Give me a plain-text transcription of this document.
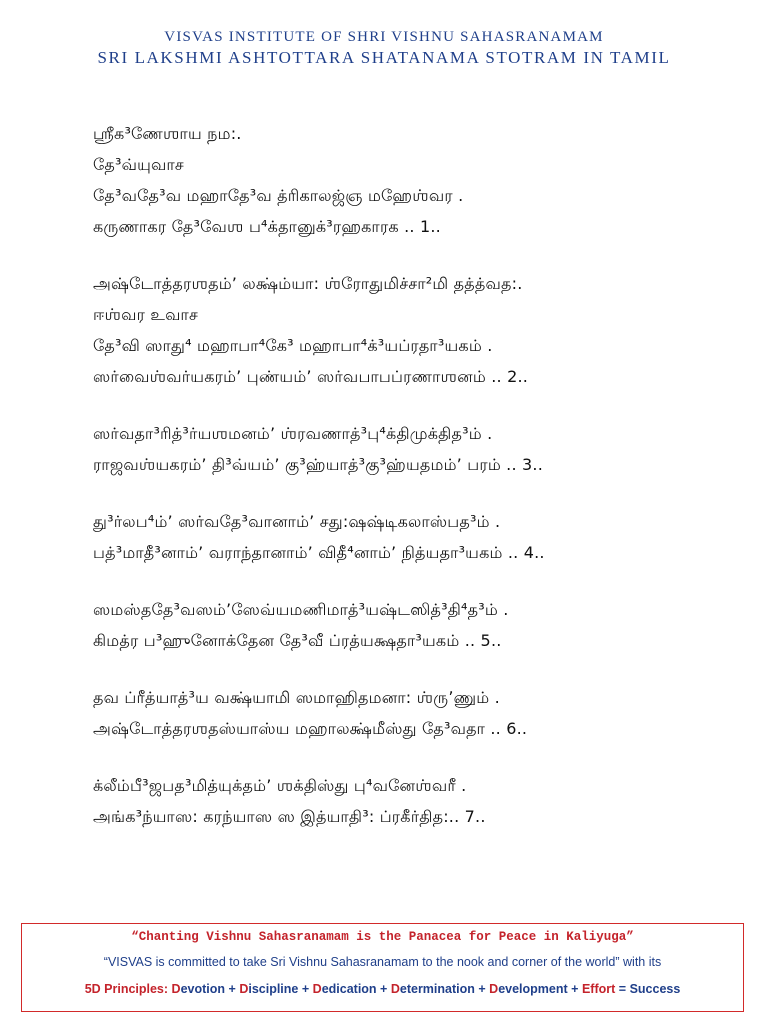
VISVAS INSTITUTE OF SHRI VISHNU SAHASRANAMAM
SRI LAKSHMI ASHTOTTARA SHATANAMA STOTRAM IN TAMIL
ஶ்ரீக³ணேஶாய நம꞉.
தே³வ்யுவாச
தே³வதே³வ மஹாதே³வ த்ரிகாலஜ்ஞ மஹேஶ்வர .
கருணாகர தே³வேஶ ப⁴க்தானுக்³ரஹகாரக .. 1..
அஷ்டோத்தரஶதம்’ லக்ஷ்ம்யா꞉ ஶ்ரோதுமிச்சா²மி தத்த்வத꞉.
ஈஶ்வர உவாச
தே³வி ஸாது⁴ மஹாபா⁴கே³ மஹாபா⁴க்³யப்ரதா³யகம் .
ஸர்வைஶ்வர்யகரம்’ புண்யம்’ ஸர்வபாபப்ரணாஶனம் .. 2..
ஸர்வதா³ரித்³ர்யஶமனம்’ ஶ்ரவணாத்³பு⁴க்திமுக்தித³ம் .
ராஜவஶ்யகரம்’ தி³வ்யம்’ கு³ஹ்யாத்³கு³ஹ்யதமம்’ பரம் .. 3..
து³ர்லப⁴ம்’ ஸர்வதே³வானாம்’ சது꞉ஷஷ்டிகலாஸ்பத³ம் .
பத்³மாதீ³னாம்’ வராந்தானாம்’ விதீ⁴னாம்’ நித்யதா³யகம் .. 4..
ஸமஸ்ததே³வஸம்’ஸேவ்யமணிமாத்³யஷ்டஸித்³தி⁴த³ம் .
கிமத்ர ப³ஹுனோக்தேன தே³வீ ப்ரத்யக்ஷதா³யகம் .. 5..
தவ ப்ரீத்யாத்³ய வக்ஷ்யாமி ஸமாஹிதமனா꞉ ஶ்ருʼணும் .
அஷ்டோத்தரஶதஸ்யாஸ்ய மஹாலக்ஷ்மீஸ்து தே³வதா .. 6..
க்லீம்பீ³ஜபத³மித்யுக்தம்’ ஶக்திஸ்து பு⁴வனேஶ்வரீ .
அங்க³ந்யாஸ꞉ கரந்யாஸ ஸ இத்யாதி³꞉ ப்ரகீர்தித꞉.. 7..
“Chanting Vishnu Sahasranamam is the Panacea for Peace in Kaliyuga”
“VISVAS is committed to take Sri Vishnu Sahasranamam to the nook and corner of the world” with its
5D Principles: Devotion + Discipline + Dedication + Determination + Development + Effort = Success
